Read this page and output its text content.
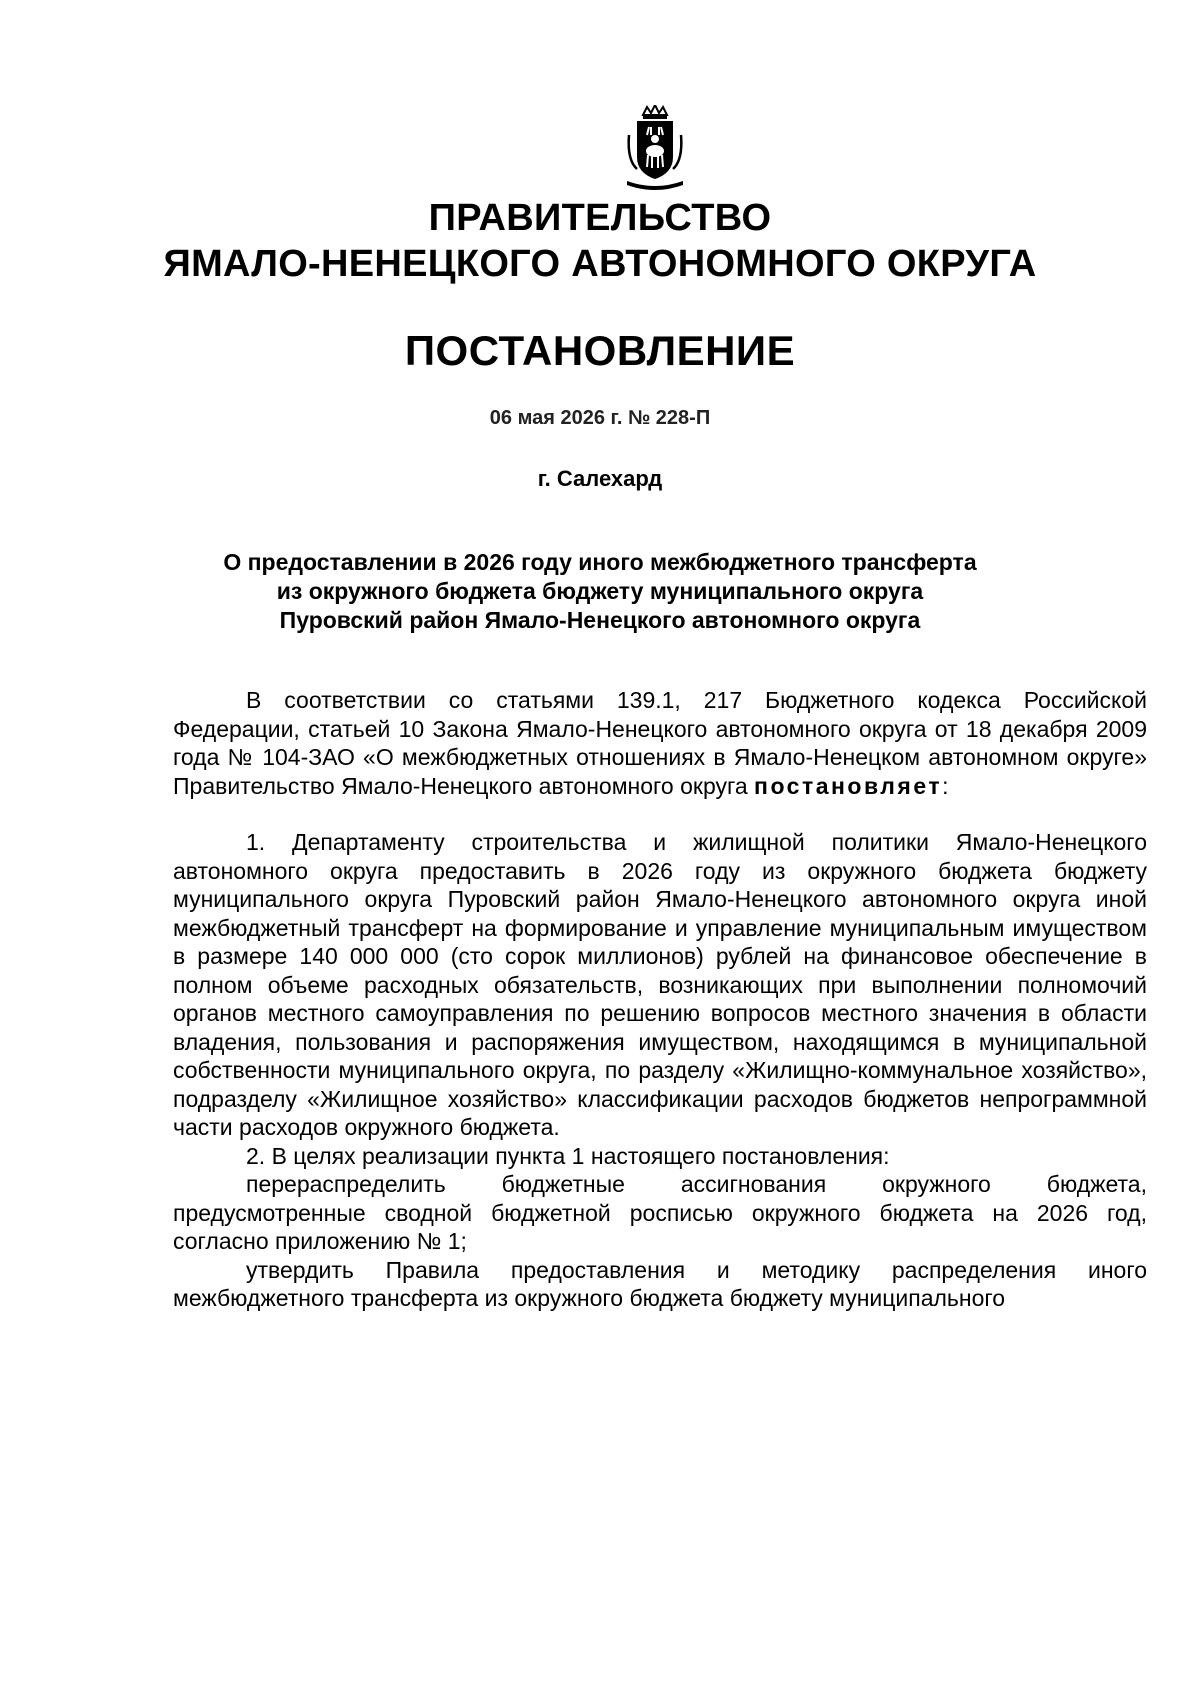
ПРАВИТЕЛЬСТВО
ЯМАЛО-НЕНЕЦКОГО АВТОНОМНОГО ОКРУГА
ПОСТАНОВЛЕНИЕ
06 мая 2026 г. № 228-П
г. Салехард
О предоставлении в 2026 году иного межбюджетного трансферта
из окружного бюджета бюджету муниципального округа
Пуровский район Ямало-Ненецкого автономного округа

В соответствии со статьями 139.1, 217 Бюджетного кодекса Российской Федерации, статьей 10 Закона Ямало-Ненецкого автономного округа от 18 декабря 2009 года № 104-ЗАО «О межбюджетных отношениях в Ямало-Ненецком автономном округе» Правительство Ямало-Ненецкого автономного округа постановляет:

1. Департаменту строительства и жилищной политики Ямало-Ненецкого автономного округа предоставить в 2026 году из окружного бюджета бюджету муниципального округа Пуровский район Ямало-Ненецкого автономного округа иной межбюджетный трансферт на формирование и управление муниципальным имуществом в размере 140 000 000 (сто сорок миллионов) рублей на финансовое обеспечение в полном объеме расходных обязательств, возникающих при выполнении полномочий органов местного самоуправления по решению вопросов местного значения в области владения, пользования и распоряжения имуществом, находящимся в муниципальной собственности муниципального округа, по разделу «Жилищно-коммунальное хозяйство», подразделу «Жилищное хозяйство» классификации расходов бюджетов непрограммной части расходов окружного бюджета.

2. В целях реализации пункта 1 настоящего постановления:

перераспределить бюджетные ассигнования окружного бюджета, предусмотренные сводной бюджетной росписью окружного бюджета на 2026 год, согласно приложению № 1;

утвердить Правила предоставления и методику распределения иного межбюджетного трансферта из окружного бюджета бюджету муниципального
